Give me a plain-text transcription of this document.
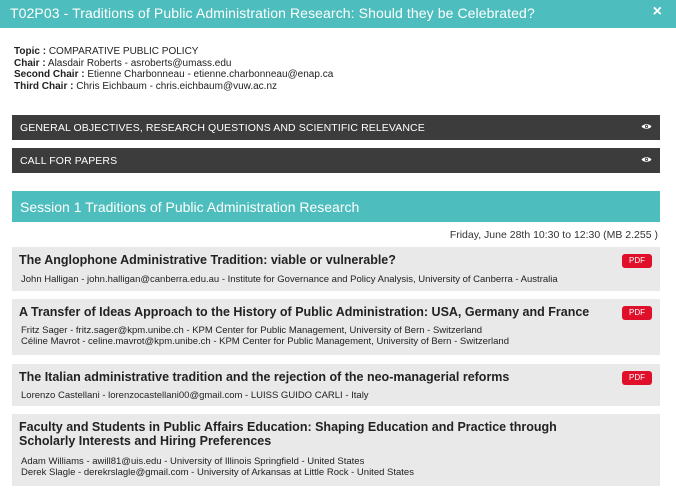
T02P03 - Traditions of Public Administration Research: Should they be Celebrated?	×
Topic : COMPARATIVE PUBLIC POLICY
Chair : Alasdair Roberts - asroberts@umass.edu
Second Chair : Etienne Charbonneau - etienne.charbonneau@enap.ca
Third Chair : Chris Eichbaum - chris.eichbaum@vuw.ac.nz
GENERAL OBJECTIVES, RESEARCH QUESTIONS AND SCIENTIFIC RELEVANCE
CALL FOR PAPERS
Session 1 Traditions of Public Administration Research
Friday, June 28th 10:30 to 12:30 (MB 2.255 )
The Anglophone Administrative Tradition: viable or vulnerable?	PDF
John Halligan - john.halligan@canberra.edu.au - Institute for Governance and Policy Analysis, University of Canberra - Australia
A Transfer of Ideas Approach to the History of Public Administration: USA, Germany and France	PDF
Fritz Sager - fritz.sager@kpm.unibe.ch - KPM Center for Public Management, University of Bern - Switzerland
Céline Mavrot - celine.mavrot@kpm.unibe.ch - KPM Center for Public Management, University of Bern - Switzerland
The Italian administrative tradition and the rejection of the neo-managerial reforms	PDF
Lorenzo Castellani - lorenzocastellani00@gmail.com - LUISS GUIDO CARLI - Italy
Faculty and Students in Public Affairs Education: Shaping Education and Practice through Scholarly Interests and Hiring Preferences
Adam Williams - awill81@uis.edu - University of Illinois Springfield - United States
Derek Slagle - derekrslagle@gmail.com - University of Arkansas at Little Rock - United States
